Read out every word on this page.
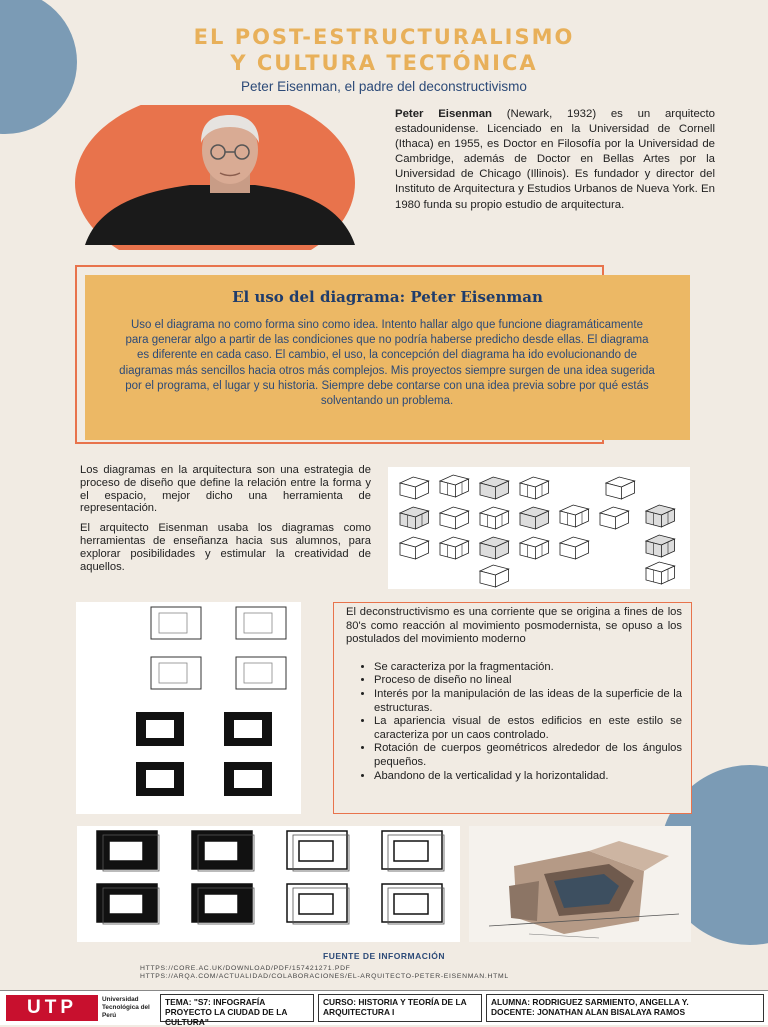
EL POST-ESTRUCTURALISMO
Y CULTURA TECTÓNICA
Peter Eisenman, el padre del deconstructivismo
Peter Eisenman (Newark, 1932) es un arquitecto estadounidense. Licenciado en la Universidad de Cornell (Ithaca) en 1955, es Doctor en Filosofía por la Universidad de Cambridge, además de Doctor en Bellas Artes por la Universidad de Chicago (Illinois). Es fundador y director del Instituto de Arquitectura y Estudios Urbanos de Nueva York. En 1980 funda su propio estudio de arquitectura.
El uso del diagrama: Peter Eisenman
Uso el diagrama no como forma sino como idea. Intento hallar algo que funcione diagramáticamente para generar algo a partir de las condiciones que no podría haberse predicho desde ellas. El diagrama es diferente en cada caso. El cambio, el uso, la concepción del diagrama ha ido evolucionando de diagramas más sencillos hacia otros más complejos. Mis proyectos siempre surgen de una idea sugerida por el programa, el lugar y su historia. Siempre debe contarse con una idea previa sobre por qué estás solventando un problema.

Los diagramas en la arquitectura son una estrategia de proceso de diseño que define la relación entre la forma y el espacio, mejor dicho una herramienta de representación.

El arquitecto Eisenman usaba los diagramas como herramientas de enseñanza hacia sus alumnos, para explorar posibilidades y estimular la creatividad de aquellos.

El deconstructivismo es una corriente que se origina a fines de los 80's como reacción al movimiento posmodernista, se opuso a los postulados del movimiento moderno
• Se caracteriza por la fragmentación.
• Proceso de diseño no lineal
• Interés por la manipulación de las ideas de la superficie de la estructuras.
• La apariencia visual de estos edificios en este estilo se caracteriza por un caos controlado.
• Rotación de cuerpos geométricos alrededor de los ángulos pequeños.
• Abandono de la verticalidad y la horizontalidad.
FUENTE DE INFORMACIÓN
HTTPS://CORE.AC.UK/DOWNLOAD/PDF/157421271.PDF
HTTPS://ARQA.COM/ACTUALIDAD/COLABORACIONES/EL-ARQUITECTO-PETER-EISENMAN.HTML
UTP	Universidad Tecnológica del Perú
TEMA: "S7: INFOGRAFÍA PROYECTO LA CIUDAD DE LA CULTURA"
CURSO: HISTORIA Y TEORÍA DE LA ARQUITECTURA I
ALUMNA: RODRIGUEZ SARMIENTO, ANGELLA Y.
DOCENTE: JONATHAN ALAN BISALAYA RAMOS
